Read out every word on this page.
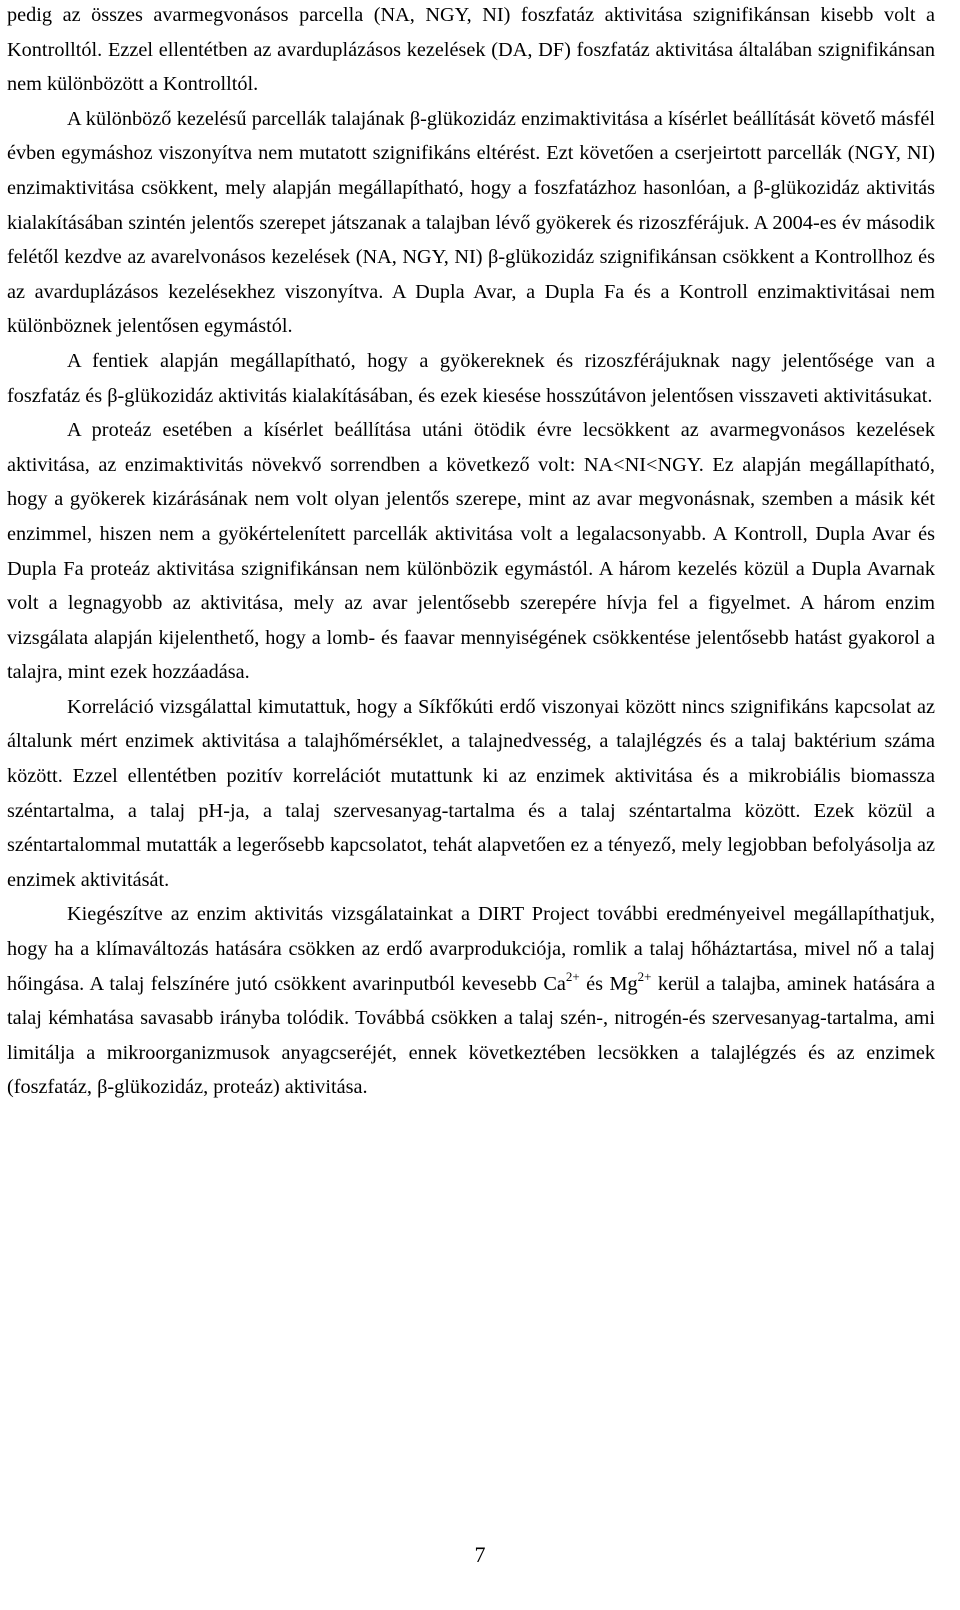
pedig az összes avarmegvonásos parcella (NA, NGY, NI) foszfatáz aktivitása szignifikánsan kisebb volt a Kontrolltól. Ezzel ellentétben az avarduplázásos kezelések (DA, DF) foszfatáz aktivitása általában szignifikánsan nem különbözött a Kontrolltól.

A különböző kezelésű parcellák talajának β-glükozidáz enzimaktivitása a kísérlet beállítását követő másfél évben egymáshoz viszonyítva nem mutatott szignifikáns eltérést. Ezt követően a cserjeirtott parcellák (NGY, NI) enzimaktivitása csökkent, mely alapján megállapítható, hogy a foszfatázhoz hasonlóan, a β-glükozidáz aktivitás kialakításában szintén jelentős szerepet játszanak a talajban lévő gyökerek és rizoszférájuk. A 2004-es év második felétől kezdve az avarelvonásos kezelések (NA, NGY, NI) β-glükozidáz szignifikánsan csökkent a Kontrollhoz és az avarduplázásos kezelésekhez viszonyítva. A Dupla Avar, a Dupla Fa és a Kontroll enzimaktivitásai nem különböznek jelentősen egymástól.

A fentiek alapján megállapítható, hogy a gyökereknek és rizoszférájuknak nagy jelentősége van a foszfatáz és β-glükozidáz aktivitás kialakításában, és ezek kiesése hosszútávon jelentősen visszaveti aktivitásukat.

A proteáz esetében a kísérlet beállítása utáni ötödik évre lecsökkent az avarmegvonásos kezelések aktivitása, az enzimaktivitás növekvő sorrendben a következő volt: NA<NI<NGY. Ez alapján megállapítható, hogy a gyökerek kizárásának nem volt olyan jelentős szerepe, mint az avar megvonásnak, szemben a másik két enzimmel, hiszen nem a gyökértelenített parcellák aktivitása volt a legalacsonyabb. A Kontroll, Dupla Avar és Dupla Fa proteáz aktivitása szignifikánsan nem különbözik egymástól. A három kezelés közül a Dupla Avarnak volt a legnagyobb az aktivitása, mely az avar jelentősebb szerepére hívja fel a figyelmet. A három enzim vizsgálata alapján kijelenthető, hogy a lomb- és faavar mennyiségének csökkentése jelentősebb hatást gyakorol a talajra, mint ezek hozzáadása.

Korreláció vizsgálattal kimutattuk, hogy a Síkfőkúti erdő viszonyai között nincs szignifikáns kapcsolat az általunk mért enzimek aktivitása a talajhőmérséklet, a talajnedvesség, a talajlégzés és a talaj baktérium száma között. Ezzel ellentétben pozitív korrelációt mutattunk ki az enzimek aktivitása és a mikrobiális biomassza széntartalma, a talaj pH-ja, a talaj szervesanyag-tartalma és a talaj széntartalma között. Ezek közül a széntartalommal mutatták a legerősebb kapcsolatot, tehát alapvetően ez a tényező, mely legjobban befolyásolja az enzimek aktivitását.

Kiegészítve az enzim aktivitás vizsgálatainkat a DIRT Project további eredményeivel megállapíthatjuk, hogy ha a klímaváltozás hatására csökken az erdő avarprodukciója, romlik a talaj hőháztartása, mivel nő a talaj hőingása. A talaj felszínére jutó csökkent avarinputból kevesebb $Ca^{2+}$ és $Mg^{2+}$ kerül a talajba, aminek hatására a talaj kémhatása savasabb irányba tolódik. Továbbá csökken a talaj szén-, nitrogén-és szervesanyag-tartalma, ami limitálja a mikroorganizmusok anyagcseréjét, ennek következtében lecsökken a talajlégzés és az enzimek (foszfatáz, β-glükozidáz, proteáz) aktivitása.

7
